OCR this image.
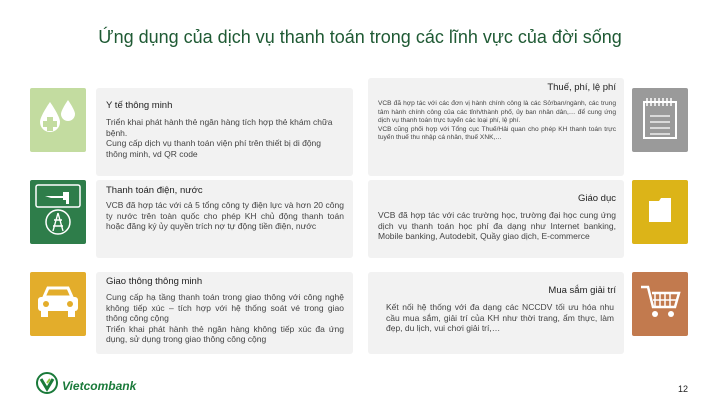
Ứng dụng của dịch vụ thanh toán trong các lĩnh vực của đời sống
Y tế thông minh
Triển khai phát hành thẻ ngân hàng tích hợp thẻ khám chữa bệnh.
Cung cấp dịch vụ thanh toán viện phí trên thiết bị di động thông minh, vd QR code
Thanh toán điện, nước
VCB đã hợp tác với cả 5 tổng công ty điện lực và hơn 20 công ty nước trên toàn quốc cho phép KH chủ động thanh toán hoặc đăng ký ủy quyền trích nợ tự động tiền điện, nước
Giao thông thông minh
Cung cấp hạ tầng thanh toán trong giao thông với công nghệ không tiếp xúc – tích hợp với hệ thống soát vé trong giao thông công cộng
Triển khai phát hành thẻ ngân hàng không tiếp xúc đa ứng dụng, sử dụng trong giao thông công cộng
Thuế, phí, lệ phí
VCB đã hợp tác với các đơn vị hành chính công là các Sở/ban/ngành, các trung tâm hành chính công của các tỉnh/thành phố, ủy ban nhân dân,… để cung ứng dịch vụ thanh toán trực tuyến các loại phí, lệ phí.
VCB cũng phối hợp với Tổng cục Thuế/Hải quan cho phép KH thanh toán trực tuyến thuế thu nhập cá nhân, thuế XNK,…
Giáo dục
VCB đã hợp tác với các trường học, trường đại học cung ứng dịch vụ thanh toán học phí đa dạng như Internet banking, Mobile banking, Autodebit, Quầy giao dịch, E-commerce
Mua sắm giải trí
Kết nối hệ thống với đa dạng các NCCDV tối ưu hóa nhu cầu mua sắm, giải trí của KH như thời trang, ẩm thực, làm đẹp, du lịch, vui chơi giải trí,…
Vietcombank	12
